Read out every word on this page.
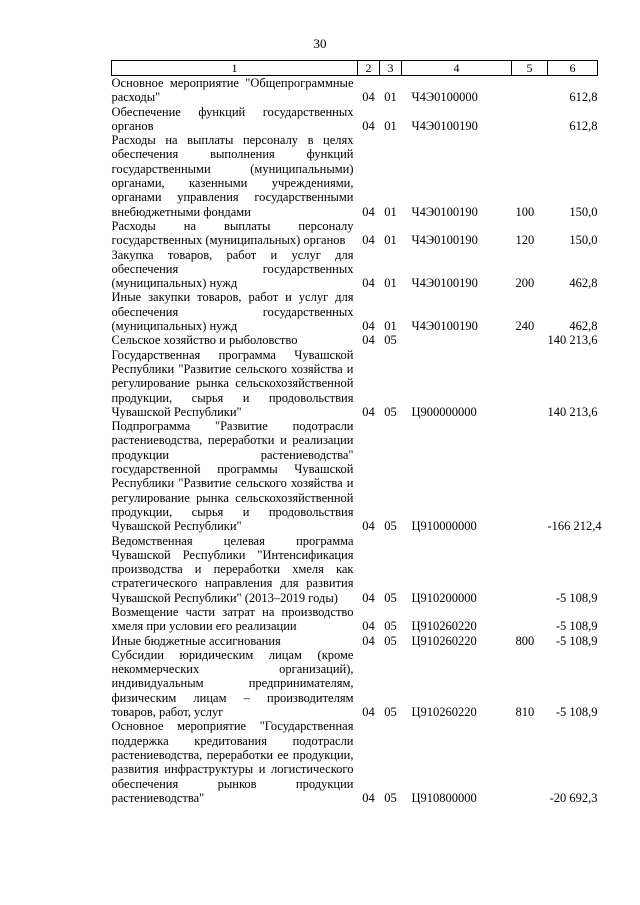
30
1	2	3	4	5	6
Основное мероприятие "Общепрограммные расходы"	04	01	Ч4Э0100000		612,8
Обеспечение функций государственных органов	04	01	Ч4Э0100190		612,8
Расходы на выплаты персоналу в целях обеспечения выполнения функций государственными (муниципальными) органами, казенными учреждениями, органами управления государственными внебюджетными фондами	04	01	Ч4Э0100190	100	150,0
Расходы на выплаты персоналу государственных (муниципальных) органов	04	01	Ч4Э0100190	120	150,0
Закупка товаров, работ и услуг для обеспечения государственных (муниципальных) нужд	04	01	Ч4Э0100190	200	462,8
Иные закупки товаров, работ и услуг для обеспечения государственных (муниципальных) нужд	04	01	Ч4Э0100190	240	462,8
Сельское хозяйство и рыболовство	04	05			140 213,6
Государственная программа Чувашской Республики "Развитие сельского хозяйства и регулирование рынка сельскохозяйственной продукции, сырья и продовольствия Чувашской Республики"	04	05	Ц900000000		140 213,6
Подпрограмма "Развитие подотрасли растениеводства, переработки и реализации продукции растениеводства" государственной программы Чувашской Республики "Развитие сельского хозяйства и регулирование рынка сельскохозяйственной продукции, сырья и продовольствия Чувашской Республики"	04	05	Ц910000000		-166 212,4
Ведомственная целевая программа Чувашской Республики "Интенсификация производства и переработки хмеля как стратегического направления для развития Чувашской Республики" (2013–2019 годы)	04	05	Ц910200000		-5 108,9
Возмещение части затрат на производство хмеля при условии его реализации	04	05	Ц910260220		-5 108,9
Иные бюджетные ассигнования	04	05	Ц910260220	800	-5 108,9
Субсидии юридическим лицам (кроме некоммерческих организаций), индивидуальным предпринимателям, физическим лицам – производителям товаров, работ, услуг	04	05	Ц910260220	810	-5 108,9
Основное мероприятие "Государственная поддержка кредитования подотрасли растениеводства, переработки ее продукции, развития инфраструктуры и логистического обеспечения рынков продукции растениеводства"	04	05	Ц910800000		-20 692,3
